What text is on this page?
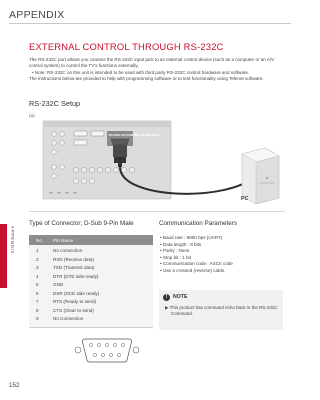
APPENDIX
APPENDIX
EXTERNAL CONTROL THROUGH RS-232C

The RS-232C port allows you connect the RS-232C input jack to an external control device (such as a computer or an A/V control system) to control the TV's functions externally.

• Note: RS-232C on this unit is intended to be used with third party RS-232C control hardware and software.

The instructions below are provided to help with programming software or to test functionality using Telenet software.

RS-232C Setup
RS-232C IN (CONTROL & SERVICE)
(a)
PC
Type of Connector; D-Sub 9-Pin Male	Communication Parameters
No. Pin Name
1	No connection
2	RXD (Receive data)
3	TXD (Transmit data)
4	DTR (DTE side ready)
5	GND
6	DSR (DCE side ready)
7	RTS (Ready to send)
8	CTS (Clear to send)
9	No Connection
• Baud rate : 9600 bps (UART)
• Data length : 8 bits
• Parity : None
• Stop bit : 1 bit
• Communication code : ASCII code
• Use a crossed (reverse) cable.
!	NOTE
▶ This product has command echo back in the RS-232C Command.
152
